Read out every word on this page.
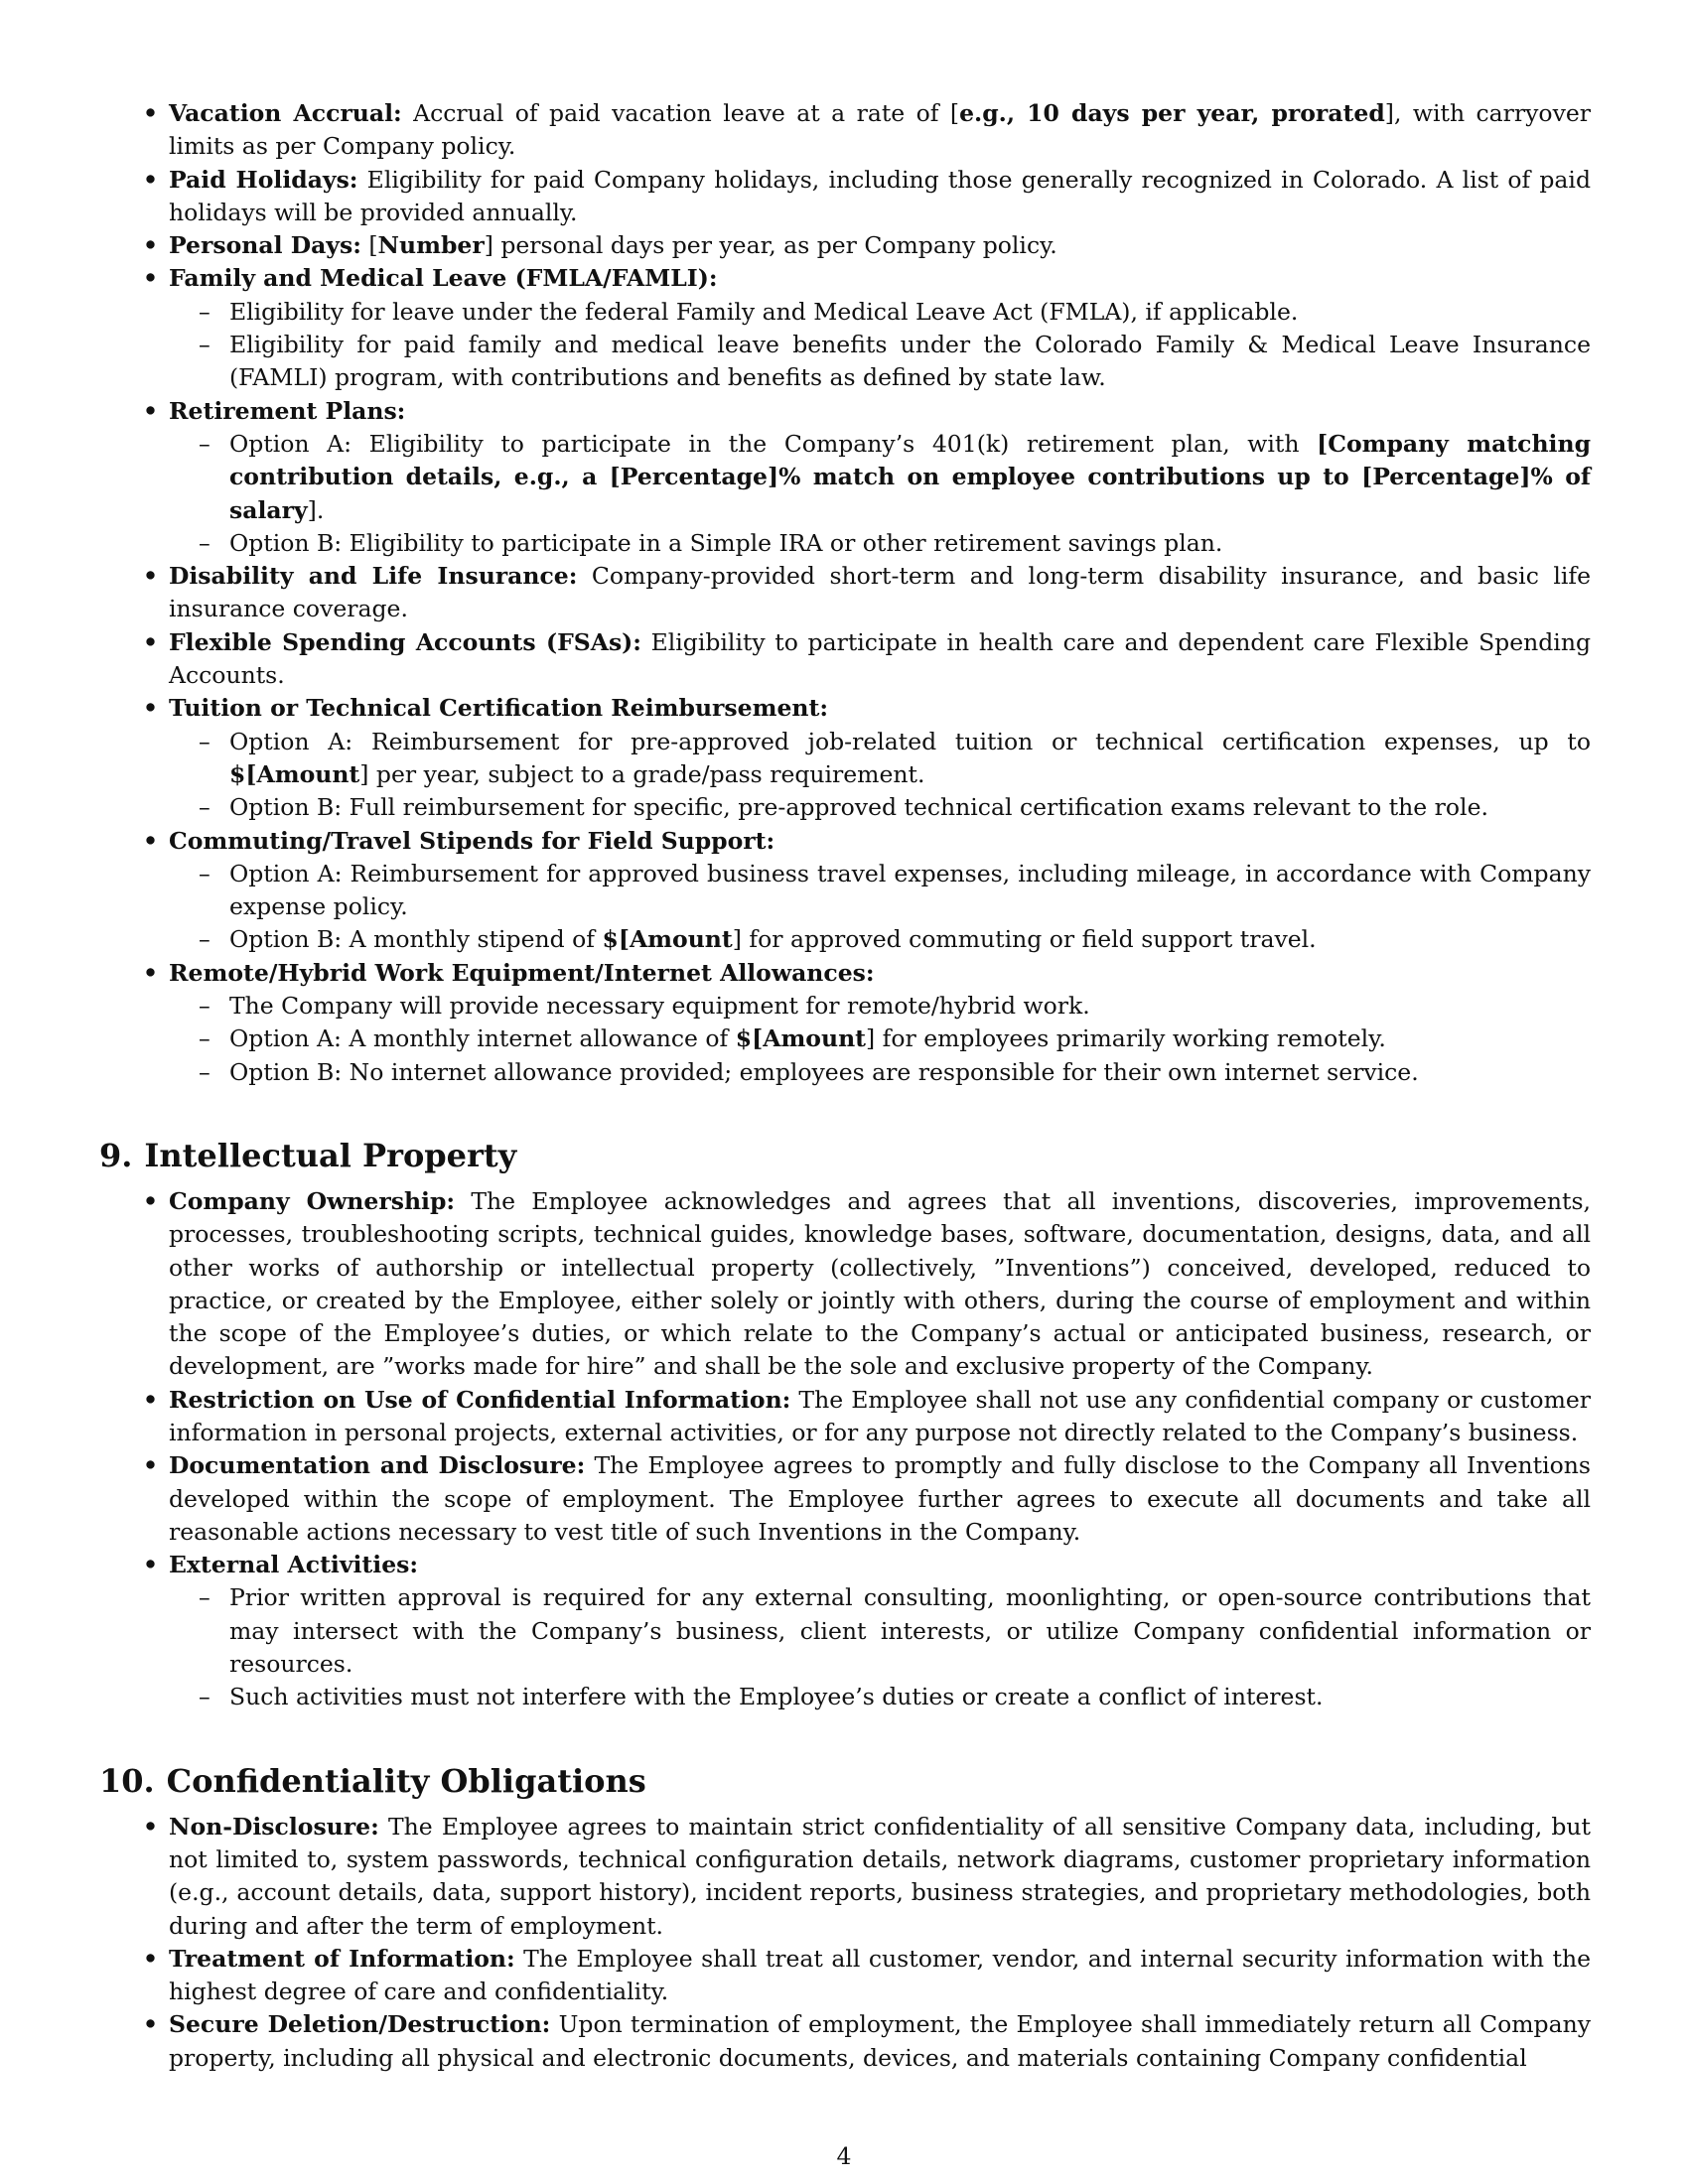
• Vacation Accrual: Accrual of paid vacation leave at a rate of [e.g., 10 days per year, prorated], with carryover limits as per Company policy.
• Paid Holidays: Eligibility for paid Company holidays, including those generally recognized in Colorado. A list of paid holidays will be provided annually.
• Personal Days: [Number] personal days per year, as per Company policy.
• Family and Medical Leave (FMLA/FAMLI):
– Eligibility for leave under the federal Family and Medical Leave Act (FMLA), if applicable.
– Eligibility for paid family and medical leave benefits under the Colorado Family & Medical Leave Insurance (FAMLI) program, with contributions and benefits as defined by state law.
• Retirement Plans:
– Option A: Eligibility to participate in the Company’s 401(k) retirement plan, with [Company matching contribution details, e.g., a [Percentage]% match on employee contributions up to [Percentage]% of salary].
– Option B: Eligibility to participate in a Simple IRA or other retirement savings plan.
• Disability and Life Insurance: Company-provided short-term and long-term disability insurance, and basic life insurance coverage.
• Flexible Spending Accounts (FSAs): Eligibility to participate in health care and dependent care Flexible Spending Accounts.
• Tuition or Technical Certification Reimbursement:
– Option A: Reimbursement for pre-approved job-related tuition or technical certification expenses, up to $[Amount] per year, subject to a grade/pass requirement.
– Option B: Full reimbursement for specific, pre-approved technical certification exams relevant to the role.
• Commuting/Travel Stipends for Field Support:
– Option A: Reimbursement for approved business travel expenses, including mileage, in accordance with Company expense policy.
– Option B: A monthly stipend of $[Amount] for approved commuting or field support travel.
• Remote/Hybrid Work Equipment/Internet Allowances:
– The Company will provide necessary equipment for remote/hybrid work.
– Option A: A monthly internet allowance of $[Amount] for employees primarily working remotely.
– Option B: No internet allowance provided; employees are responsible for their own internet service.
9. Intellectual Property
• Company Ownership: The Employee acknowledges and agrees that all inventions, discoveries, improvements, processes, troubleshooting scripts, technical guides, knowledge bases, software, documentation, designs, data, and all other works of authorship or intellectual property (collectively, ”Inventions”) conceived, developed, reduced to practice, or created by the Employee, either solely or jointly with others, during the course of employment and within the scope of the Employee’s duties, or which relate to the Company’s actual or anticipated business, research, or development, are ”works made for hire” and shall be the sole and exclusive property of the Company.
• Restriction on Use of Confidential Information: The Employee shall not use any confidential company or customer information in personal projects, external activities, or for any purpose not directly related to the Company’s business.
• Documentation and Disclosure: The Employee agrees to promptly and fully disclose to the Company all Inventions developed within the scope of employment. The Employee further agrees to execute all documents and take all reasonable actions necessary to vest title of such Inventions in the Company.
• External Activities:
– Prior written approval is required for any external consulting, moonlighting, or open-source contributions that may intersect with the Company’s business, client interests, or utilize Company confidential information or resources.
– Such activities must not interfere with the Employee’s duties or create a conflict of interest.
10. Confidentiality Obligations
• Non-Disclosure: The Employee agrees to maintain strict confidentiality of all sensitive Company data, including, but not limited to, system passwords, technical configuration details, network diagrams, customer proprietary information (e.g., account details, data, support history), incident reports, business strategies, and proprietary methodologies, both during and after the term of employment.
• Treatment of Information: The Employee shall treat all customer, vendor, and internal security information with the highest degree of care and confidentiality.
• Secure Deletion/Destruction: Upon termination of employment, the Employee shall immediately return all Company property, including all physical and electronic documents, devices, and materials containing Company confidential
4
